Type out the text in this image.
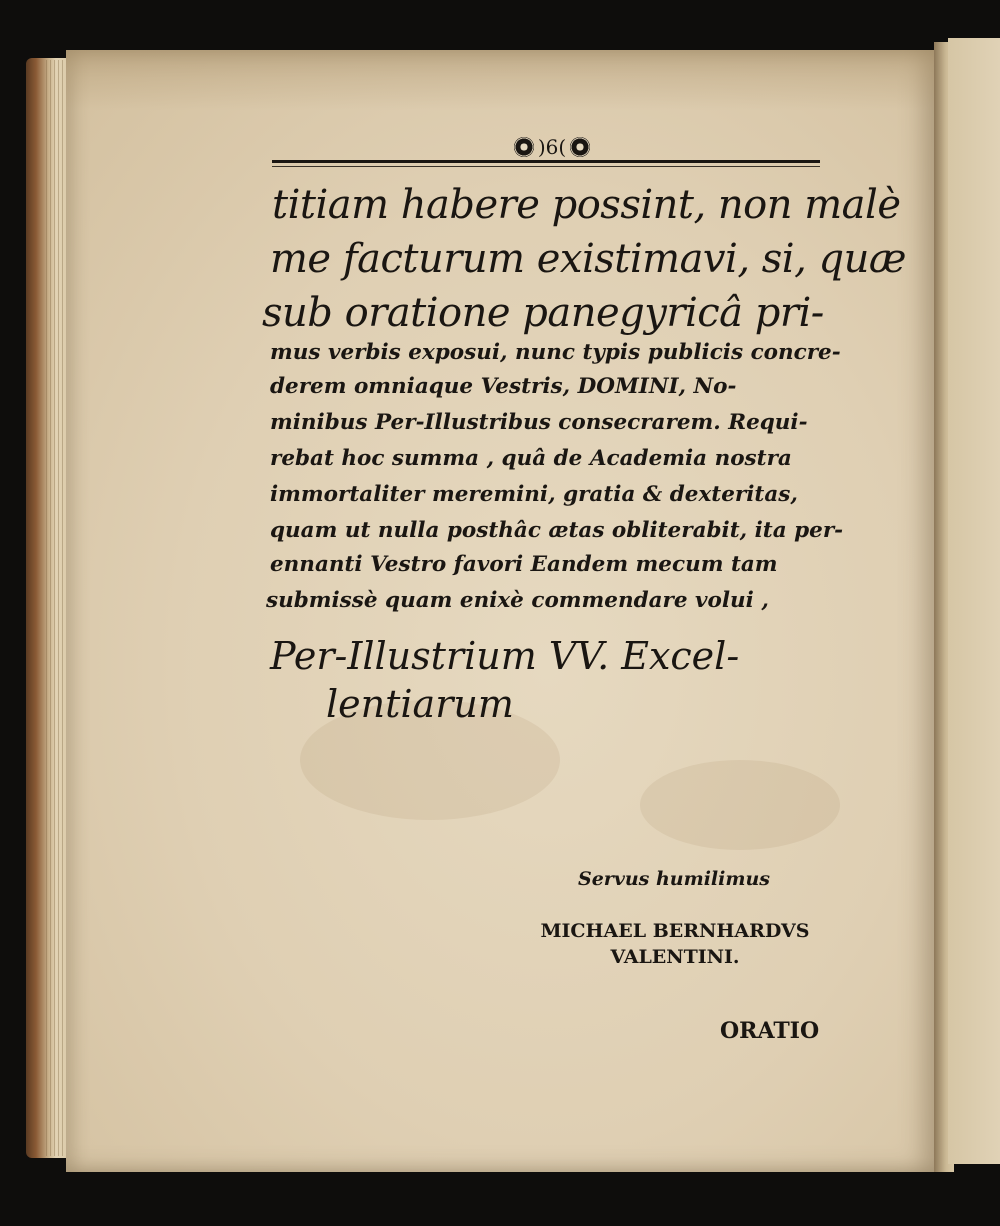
)6(
titiam habere possint, non malè
me facturum existimavi, si, quæ
sub oratione panegyricâ pri-
mus verbis exposui, nunc typis publicis concre-
derem omniaque Vestris, DOMINI, No-
minibus Per-Illustribus consecrarem. Requi-
rebat hoc summa , quâ de Academia nostra
immortaliter meremini, gratia & dexteritas,
quam ut nulla posthâc ætas obliterabit, ita per-
ennanti Vestro favori Eandem mecum tam
submissè quam enixè commendare volui ,
Per-Illustrium VV. Excel-
lentiarum
Servus humilimus
MICHAEL BERNHARDVS
VALENTINI.
ORATIO
